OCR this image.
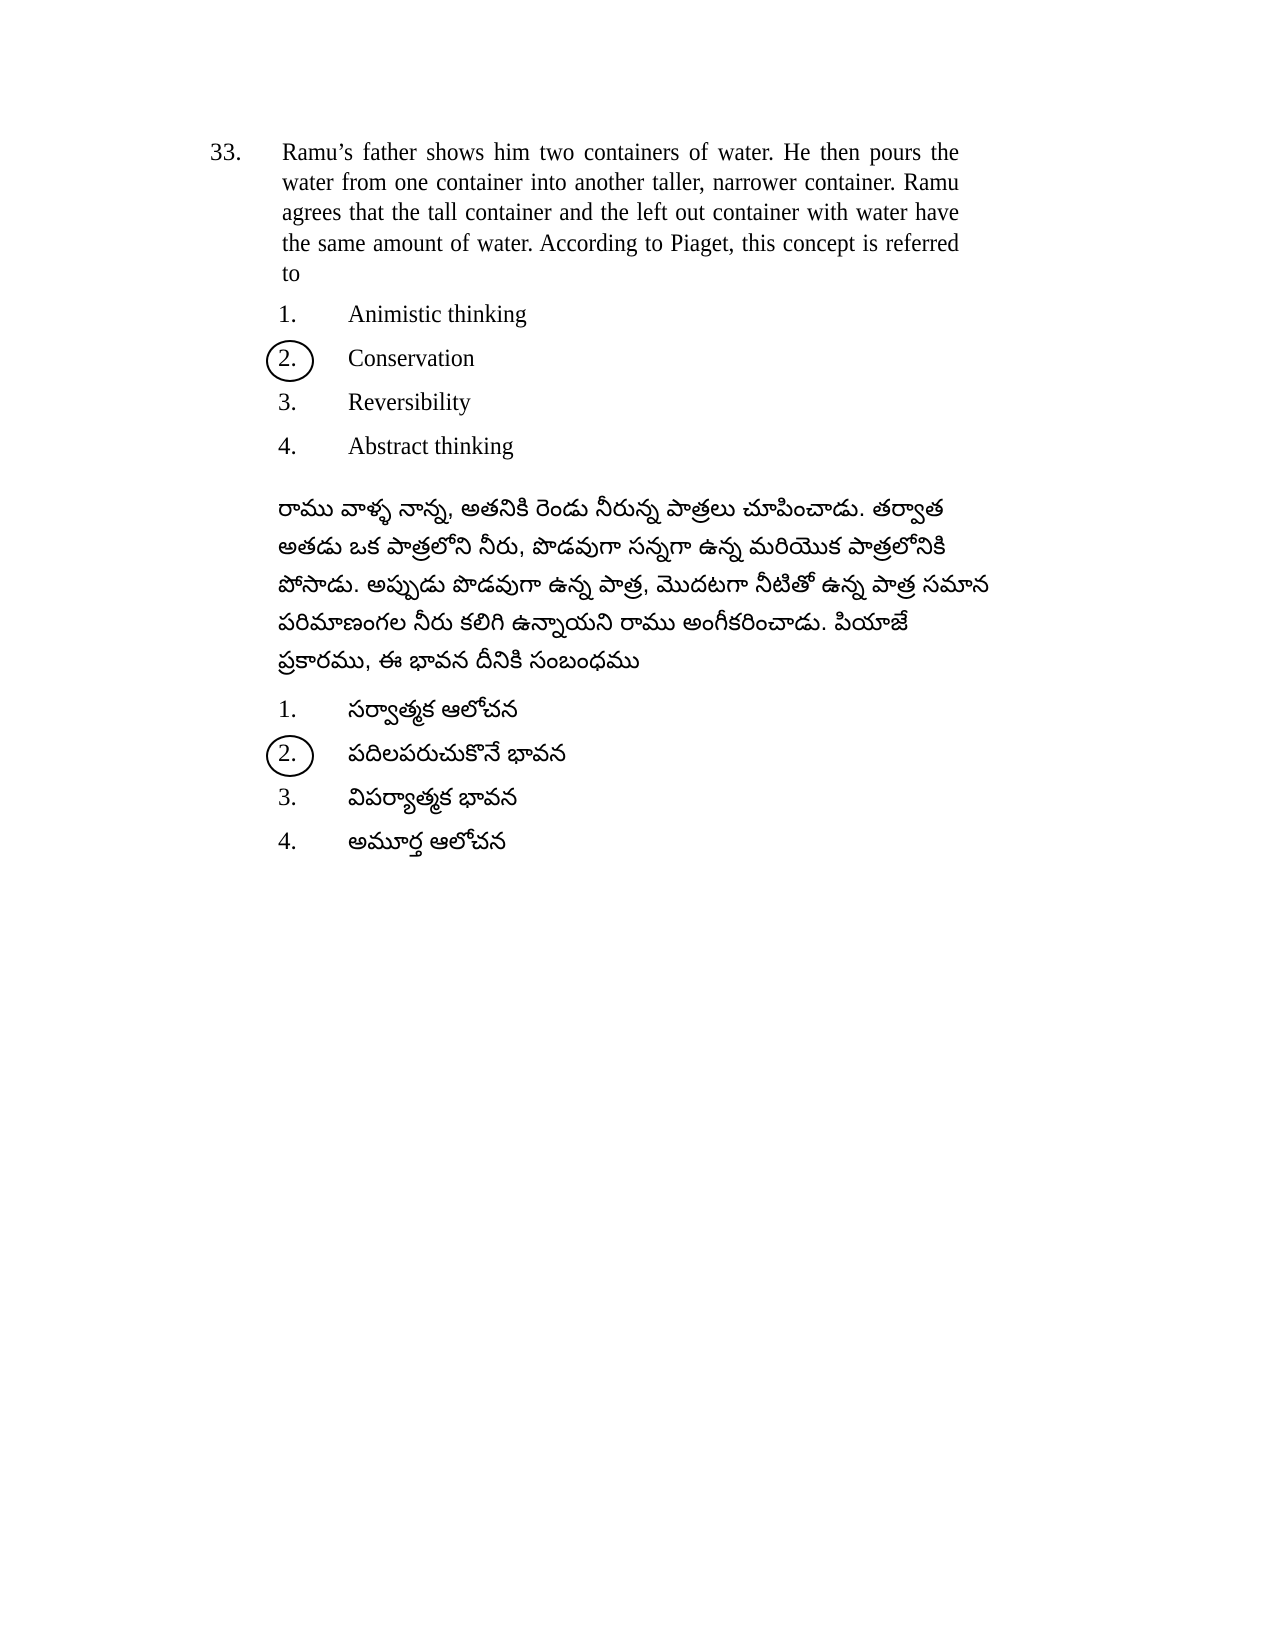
33.	Ramu’s father shows him two containers of water. He then pours the water from one container into another taller, narrower container. Ramu agrees that the tall container and the left out container with water have the same amount of water. According to Piaget, this concept is referred to
1.	Animistic thinking
2.	Conservation
3.	Reversibility
4.	Abstract thinking
రాము వాళ్ళ నాన్న, అతనికి రెండు నీరున్న పాత్రలు చూపించాడు. తర్వాత
అతడు ఒక పాత్రలోని నీరు, పొడవుగా సన్నగా ఉన్న మరియొక పాత్రలోనికి
పోసాడు. అప్పుడు పొడవుగా ఉన్న పాత్ర, మొదటగా నీటితో ఉన్న పాత్ర సమాన
పరిమాణంగల నీరు కలిగి ఉన్నాయని రాము అంగీకరించాడు. పియాజే
ప్రకారము, ఈ భావన దీనికి సంబంధము
1.	సర్వాత్మక ఆలోచన
2.	పదిలపరుచుకొనే భావన
3.	విపర్యాత్మక భావన
4.	అమూర్త ఆలోచన
